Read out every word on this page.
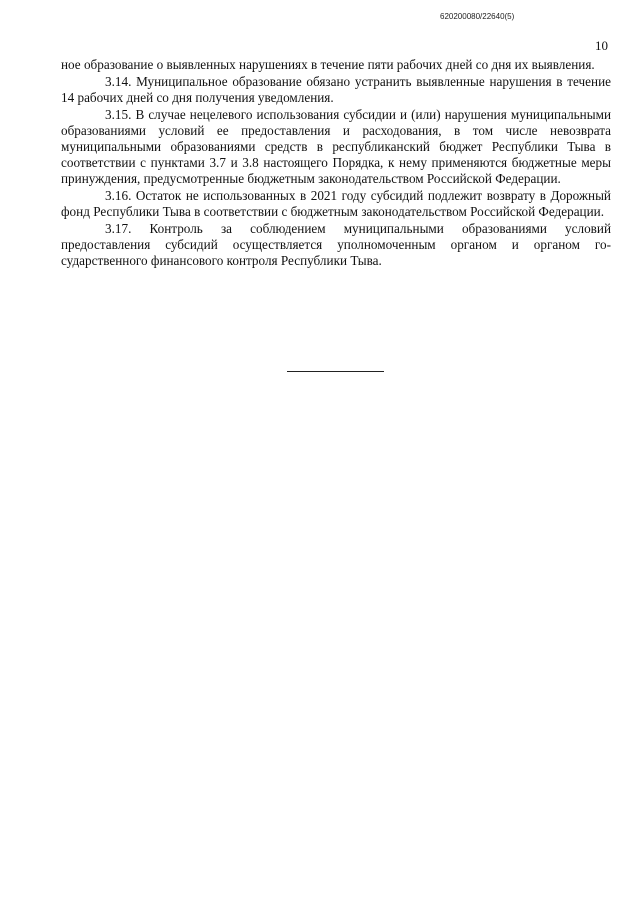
620200080/22640(5)
10

ное образование о выявленных нарушениях в течение пяти рабочих дней со дня их выявления.

3.14. Муниципальное образование обязано устранить выявленные нарушения в течение 14 рабочих дней со дня получения уведомления.

3.15. В случае нецелевого использования субсидии и (или) нарушения муниципальными образованиями условий ее предоставления и расходования, в том числе невозврата муниципальными образованиями средств в республиканский бюджет Республики Тыва в соответствии с пунктами 3.7 и 3.8 настоящего Порядка, к нему применяются бюджетные меры принуждения, предусмотренные бюджетным законодательством Российской Федерации.

3.16. Остаток не использованных в 2021 году субсидий подлежит возврату в Дорожный фонд Республики Тыва в соответствии с бюджетным законодательством Российской Федерации.

3.17. Контроль за соблюдением муниципальными образованиями условий предоставления субсидий осуществляется уполномоченным органом и органом государственного финансового контроля Республики Тыва.
